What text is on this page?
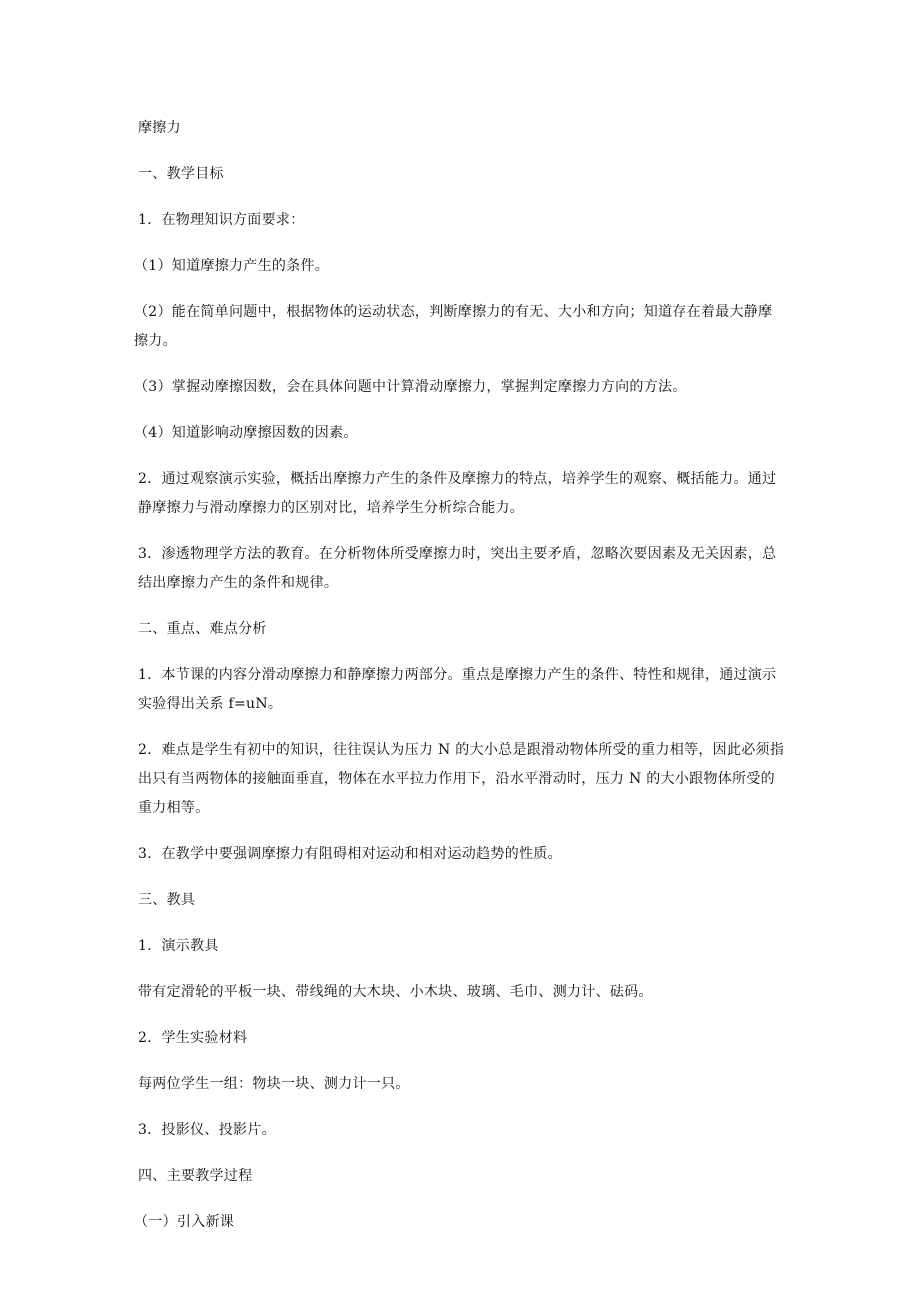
摩擦力

一、教学目标

1．在物理知识方面要求：

（1）知道摩擦力产生的条件。

（2）能在简单问题中，根据物体的运动状态，判断摩擦力的有无、大小和方向；知道存在着最大静摩擦力。

（3）掌握动摩擦因数，会在具体问题中计算滑动摩擦力，掌握判定摩擦力方向的方法。

（4）知道影响动摩擦因数的因素。

2．通过观察演示实验，概括出摩擦力产生的条件及摩擦力的特点，培养学生的观察、概括能力。通过静摩擦力与滑动摩擦力的区别对比，培养学生分析综合能力。

3．渗透物理学方法的教育。在分析物体所受摩擦力时，突出主要矛盾，忽略次要因素及无关因素，总结出摩擦力产生的条件和规律。

二、重点、难点分析

1．本节课的内容分滑动摩擦力和静摩擦力两部分。重点是摩擦力产生的条件、特性和规律，通过演示实验得出关系 f=uN。

2．难点是学生有初中的知识，往往误认为压力 N 的大小总是跟滑动物体所受的重力相等，因此必须指出只有当两物体的接触面垂直，物体在水平拉力作用下，沿水平滑动时，压力 N 的大小跟物体所受的重力相等。

3．在教学中要强调摩擦力有阻碍相对运动和相对运动趋势的性质。

三、教具

1．演示教具

带有定滑轮的平板一块、带线绳的大木块、小木块、玻璃、毛巾、测力计、砝码。

2．学生实验材料

每两位学生一组：物块一块、测力计一只。

3．投影仪、投影片。

四、主要教学过程

（一）引入新课
